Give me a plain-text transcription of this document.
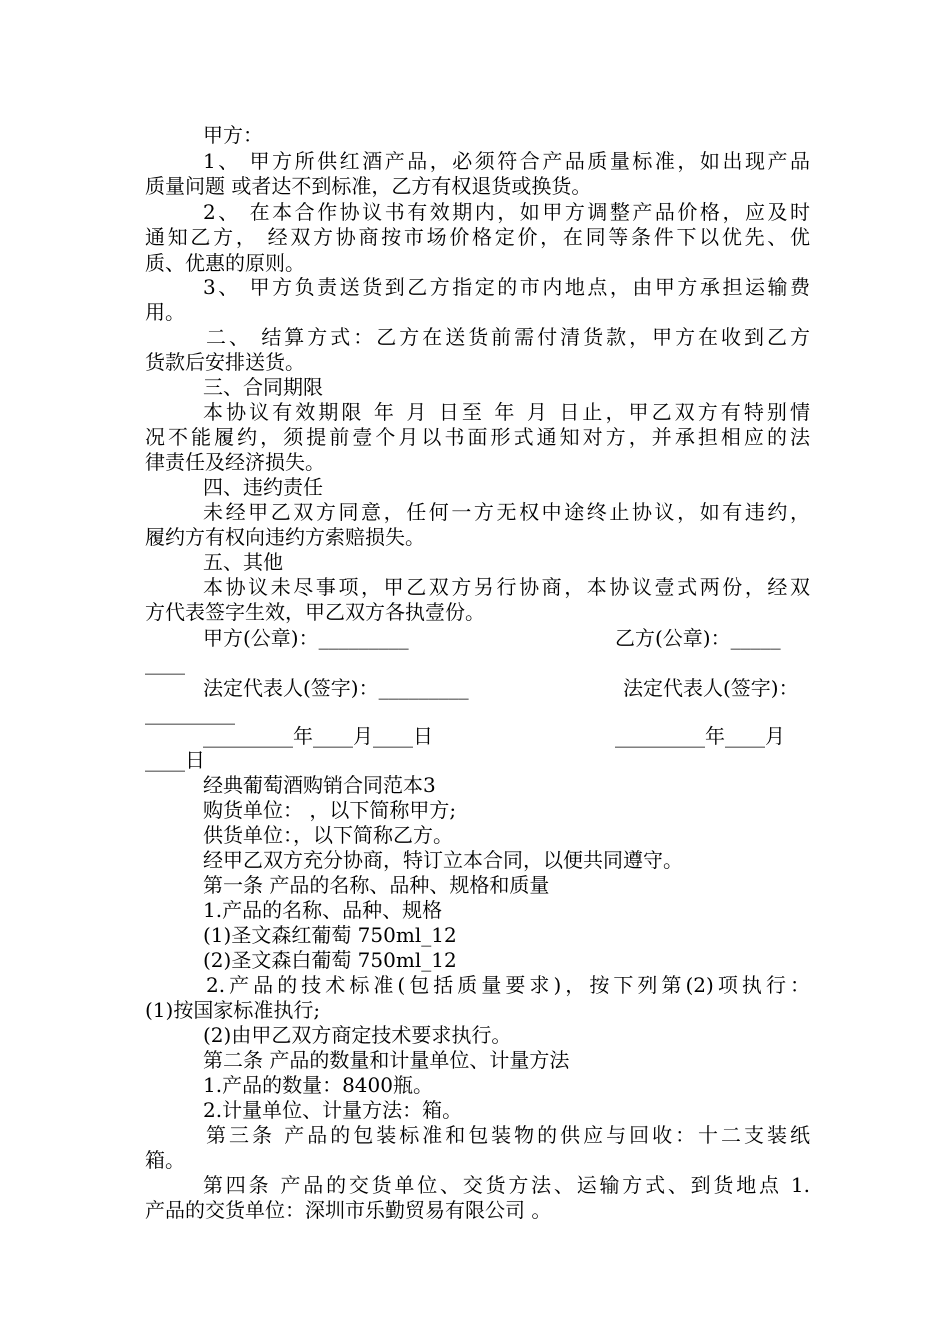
甲方：
1、 甲方所供红酒产品，必须符合产品质量标准，如出现产品
质量问题 或者达不到标准，乙方有权退货或换货。
2、 在本合作协议书有效期内，如甲方调整产品价格，应及时
通知乙方， 经双方协商按市场价格定价，在同等条件下以优先、优
质、优惠的原则。
3、 甲方负责送货到乙方指定的市内地点，由甲方承担运输费
用。
二、 结算方式：乙方在送货前需付清货款，甲方在收到乙方
货款后安排送货。
三、合同期限
本协议有效期限 年 月 日至 年 月 日止，甲乙双方有特别情
况不能履约，须提前壹个月以书面形式通知对方，并承担相应的法
律责任及经济损失。
四、违约责任
未经甲乙双方同意，任何一方无权中途终止协议，如有违约，
履约方有权向违约方索赔损失。
五、其他
本协议未尽事项，甲乙双方另行协商，本协议壹式两份，经双
方代表签字生效，甲乙双方各执壹份。
甲方(公章)：_________	乙方(公章)：_____
____
法定代表人(签字)：_________	法定代表人(签字)：
_________
_________年____月____日	_________年____月
____日
经典葡萄酒购销合同范本3
购货单位： ，以下简称甲方;
供货单位：，以下简称乙方。
经甲乙双方充分协商，特订立本合同，以便共同遵守。
第一条 产品的名称、品种、规格和质量
1.产品的名称、品种、规格
(1)圣文森红葡萄 750ml_12
(2)圣文森白葡萄 750ml_12
2.产品的技术标准(包括质量要求)，按下列第(2)项执行：
(1)按国家标准执行;
(2)由甲乙双方商定技术要求执行。
第二条 产品的数量和计量单位、计量方法
1.产品的数量：8400瓶。
2.计量单位、计量方法：箱。
第三条 产品的包装标准和包装物的供应与回收：十二支装纸
箱。
第四条 产品的交货单位、交货方法、运输方式、到货地点 1.
产品的交货单位：深圳市乐勤贸易有限公司 。
